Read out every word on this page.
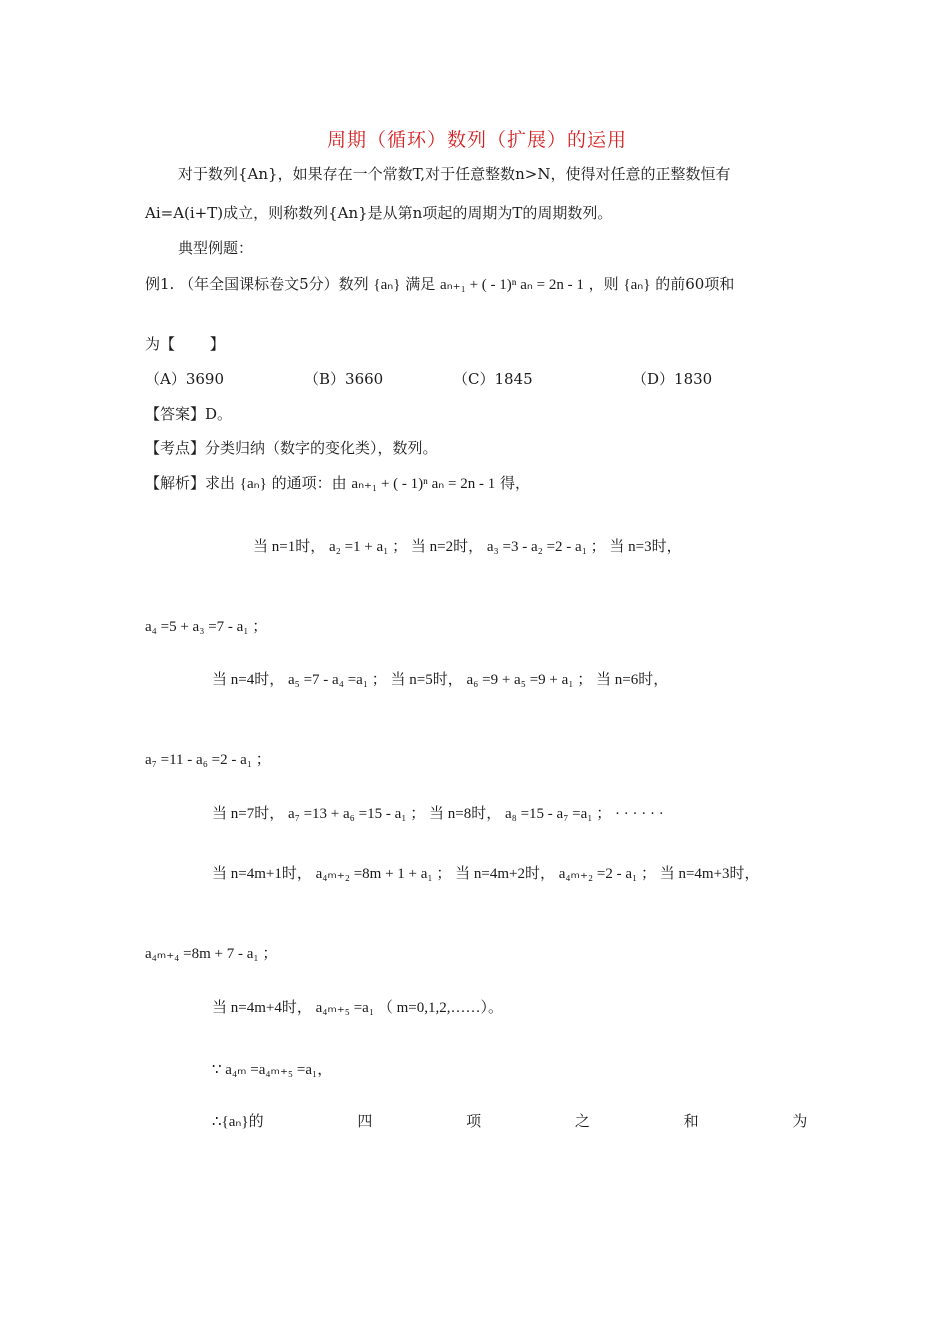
周期（循环）数列（扩展）的运用
对于数列{An}，如果存在一个常数T,对于任意整数n>N，使得对任意的正整数恒有
Ai=A(i+T)成立，则称数列{An}是从第n项起的周期为T的周期数列。
典型例题：
例1. （年全国课标卷文5分）数列 {aₙ} 满足 aₙ₊₁ + ( - 1)ⁿ aₙ = 2n - 1 ，则 {aₙ} 的前60项和
为【 　　】
（A）3690	（B）3660	（C）1845	（D）1830
【答案】D。
【考点】分类归纳（数字的变化类），数列。
【解析】求出 {aₙ} 的通项：由 aₙ₊₁ + ( - 1)ⁿ aₙ = 2n - 1 得，
当 n=1时， a₂ =1 + a₁ ； 当 n=2时， a₃ =3 - a₂ =2 - a₁ ； 当 n=3时，
a₄ =5 + a₃ =7 - a₁ ；
当 n=4时， a₅ =7 - a₄ =a₁ ； 当 n=5时， a₆ =9 + a₅ =9 + a₁ ； 当 n=6时，
a₇ =11 - a₆ =2 - a₁ ；
当 n=7时， a₇ =13 + a₆ =15 - a₁ ； 当 n=8时， a₈ =15 - a₇ =a₁ ； · · · · · ·
当 n=4m+1时， a₄ₘ₊₂ =8m + 1 + a₁ ； 当 n=4m+2时， a₄ₘ₊₂ =2 - a₁ ； 当 n=4m+3时，
a₄ₘ₊₄ =8m + 7 - a₁ ；
当 n=4m+4时， a₄ₘ₊₅ =a₁ （ m=0,1,2,……）。
∵ a₄ₘ =a₄ₘ₊₅ =a₁，
∴{aₙ}的 四 项 之 和 为
